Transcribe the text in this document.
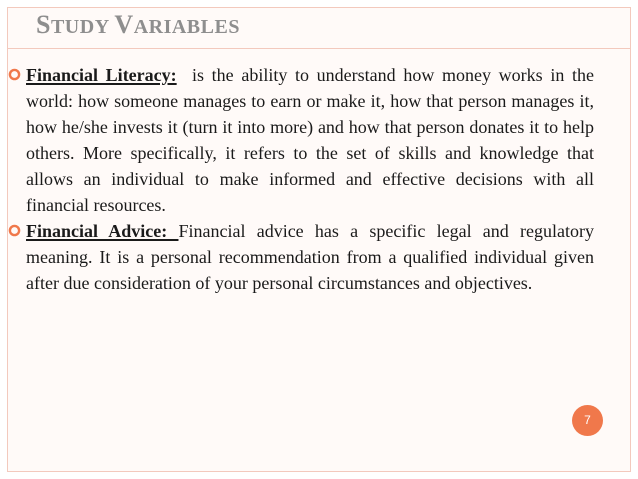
STUDY VARIABLES
Financial Literacy: is the ability to understand how money works in the world: how someone manages to earn or make it, how that person manages it, how he/she invests it (turn it into more) and how that person donates it to help others. More specifically, it refers to the set of skills and knowledge that allows an individual to make informed and effective decisions with all financial resources.
Financial Advice: Financial advice has a specific legal and regulatory meaning. It is a personal recommendation from a qualified individual given after due consideration of your personal circumstances and objectives.
7
